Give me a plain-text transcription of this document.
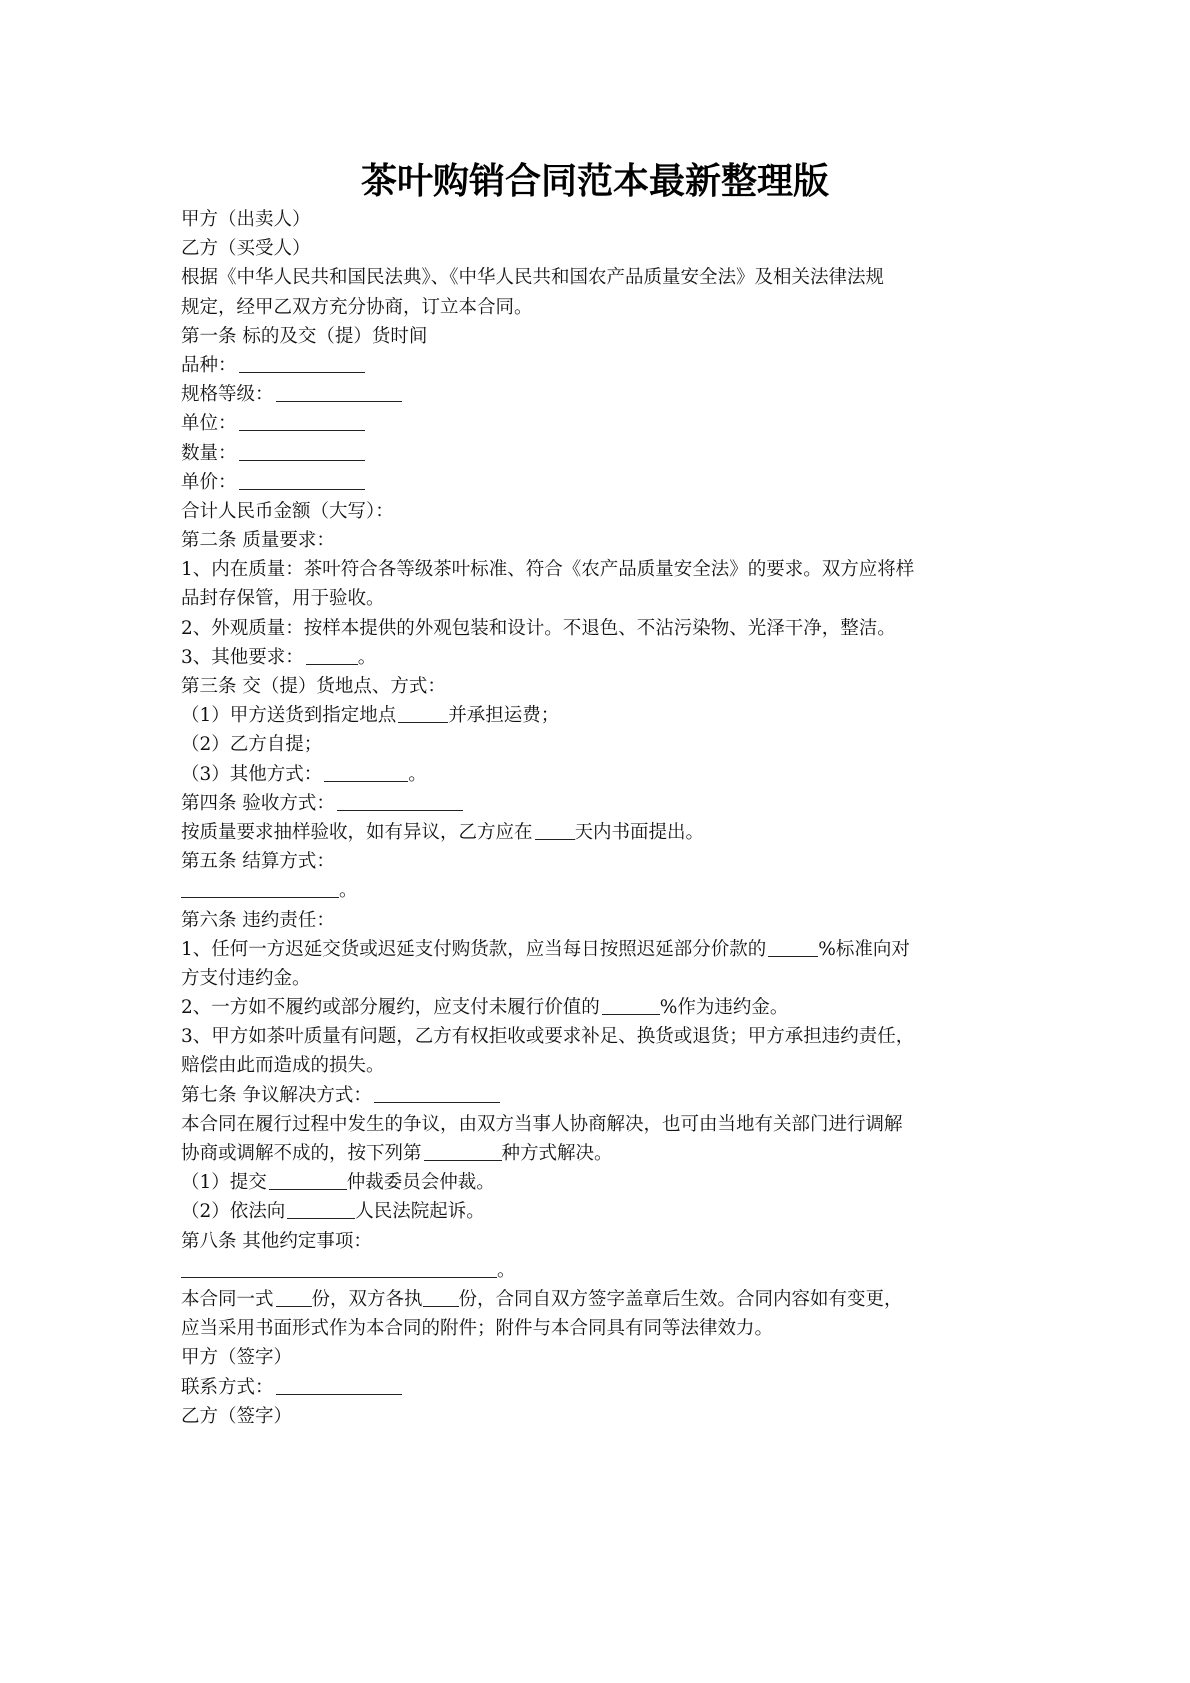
茶叶购销合同范本最新整理版
甲方（出卖人）
乙方（买受人）
根据《中华人民共和国民法典》、《中华人民共和国农产品质量安全法》及相关法律法规
规定，经甲乙双方充分协商，订立本合同。
第一条 标的及交（提）货时间
品种：
规格等级：
单位：
数量：
单价：
合计人民币金额（大写）：
第二条 质量要求：
1、内在质量：茶叶符合各等级茶叶标准、符合《农产品质量安全法》的要求。双方应将样
品封存保管，用于验收。
2、外观质量：按样本提供的外观包装和设计。不退色、不沾污染物、光泽干净，整洁。
3、其他要求：	。
第三条 交（提）货地点、方式：
（1）甲方送货到指定地点	并承担运费；
（2）乙方自提；
（3）其他方式：	。
第四条 验收方式：
按质量要求抽样验收，如有异议，乙方应在 天内书面提出。
第五条 结算方式：
。
第六条 违约责任：
1、任何一方迟延交货或迟延支付购货款，应当每日按照迟延部分价款的	%标准向对
方支付违约金。
2、一方如不履约或部分履约，应支付未履行价值的	%作为违约金。
3、甲方如茶叶质量有问题，乙方有权拒收或要求补足、换货或退货；甲方承担违约责任，
赔偿由此而造成的损失。
第七条 争议解决方式：
本合同在履行过程中发生的争议，由双方当事人协商解决，也可由当地有关部门进行调解
协商或调解不成的，按下列第	种方式解决。
（1）提交	仲裁委员会仲裁。
（2）依法向	人民法院起诉。
第八条 其他约定事项：
。
本合同一式 份，双方各执 份，合同自双方签字盖章后生效。合同内容如有变更，
应当采用书面形式作为本合同的附件；附件与本合同具有同等法律效力。
甲方（签字）
联系方式：
乙方（签字）
